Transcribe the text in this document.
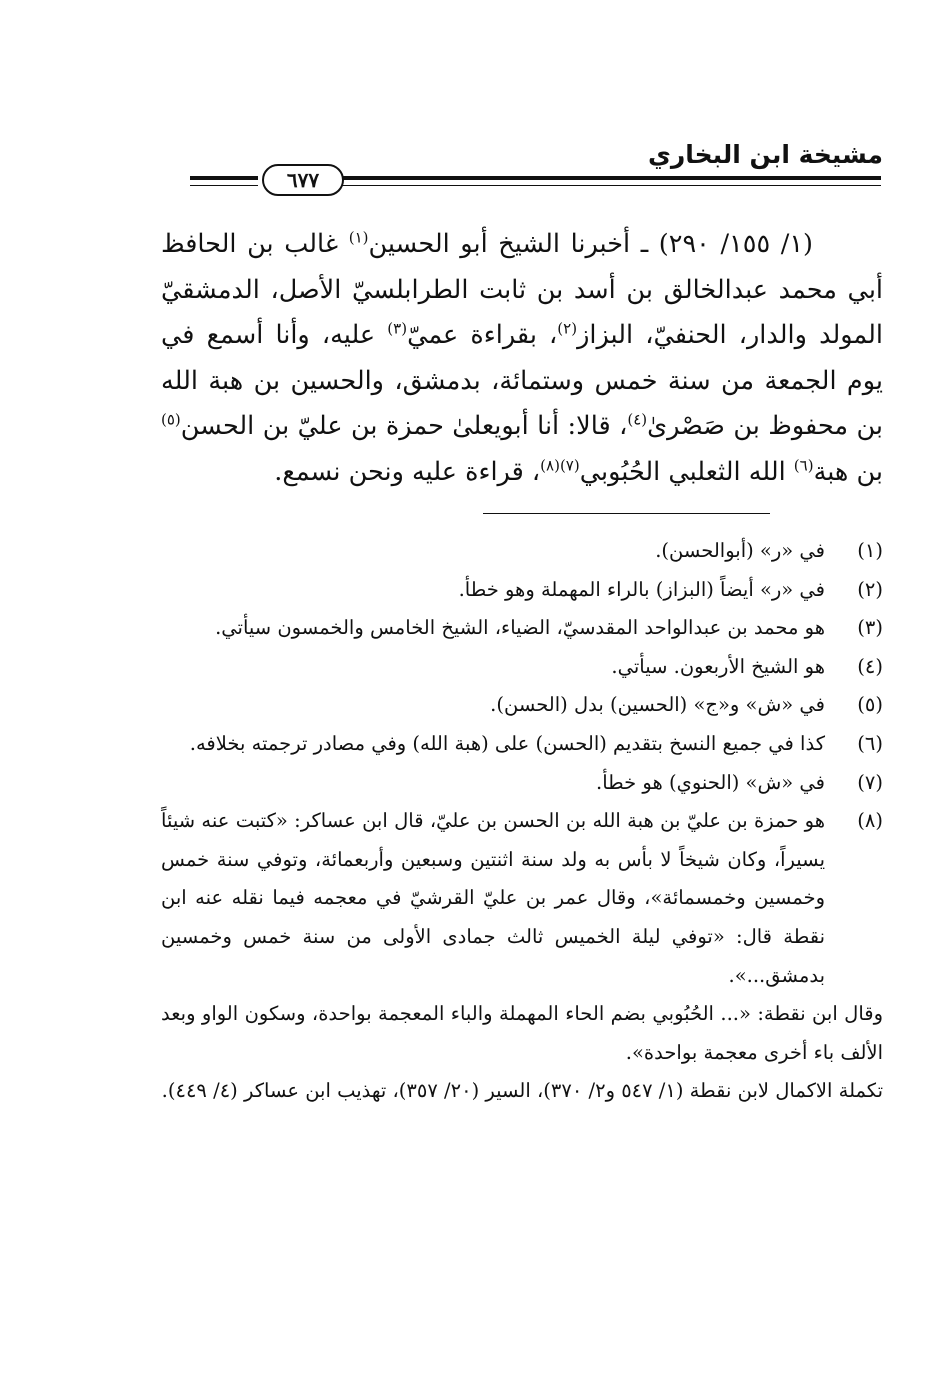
مشيخة ابن البخاري
٦٧٧

(١/ ١٥٥/ ٢٩٠) ـ أخبرنا الشيخ أبو الحسين$^{(١)}$ غالب بن الحافظ أبي محمد عبدالخالق بن أسد بن ثابت الطرابلسيّ الأصل، الدمشقيّ المولد والدار، الحنفيّ، البزاز$^{(٢)}$، بقراءة عميّ$^{(٣)}$ عليه، وأنا أسمع في يوم الجمعة من سنة خمس وستمائة، بدمشق، والحسين بن هبة الله بن محفوظ بن صَصْرىٰ$^{(٤)}$، قالا: أنا أبويعلىٰ حمزة بن عليّ بن الحسن$^{(٥)}$ بن هبة$^{(٦)}$ الله الثعلبي الحُبُوبي$^{(٧)(٨)}$، قراءة عليه ونحن نسمع.

(١)
في «ر» (أبوالحسن).
(٢)
في «ر» أيضاً (البزاز) بالراء المهملة وهو خطأ.
(٣)
هو محمد بن عبدالواحد المقدسيّ، الضياء، الشيخ الخامس والخمسون سيأتي.
(٤)
هو الشيخ الأربعون. سيأتي.
(٥)
في «ش» و«ج» (الحسين) بدل (الحسن).
(٦)
كذا في جميع النسخ بتقديم (الحسن) على (هبة الله) وفي مصادر ترجمته بخلافه.
(٧)
في «ش» (الحنوي) هو خطأ.
(٨)
هو حمزة بن عليّ بن هبة الله بن الحسن بن عليّ، قال ابن عساكر: «كتبت عنه شيئاً يسيراً، وكان شيخاً لا بأس به ولد سنة اثنتين وسبعين وأربعمائة، وتوفي سنة خمس وخمسين وخمسمائة»، وقال عمر بن عليّ القرشيّ في معجمه فيما نقله عنه ابن نقطة قال: «توفي ليلة الخميس ثالث جمادى الأولى من سنة خمس وخمسين بدمشق...».

وقال ابن نقطة: «... الحُبُوبي بضم الحاء المهملة والباء المعجمة بواحدة، وسكون الواو وبعد الألف باء أخرى معجمة بواحدة».

تكملة الاكمال لابن نقطة (١/ ٥٤٧ و٢/ ٣٧٠)، السير (٢٠/ ٣٥٧)، تهذيب ابن عساكر (٤/ ٤٤٩).
